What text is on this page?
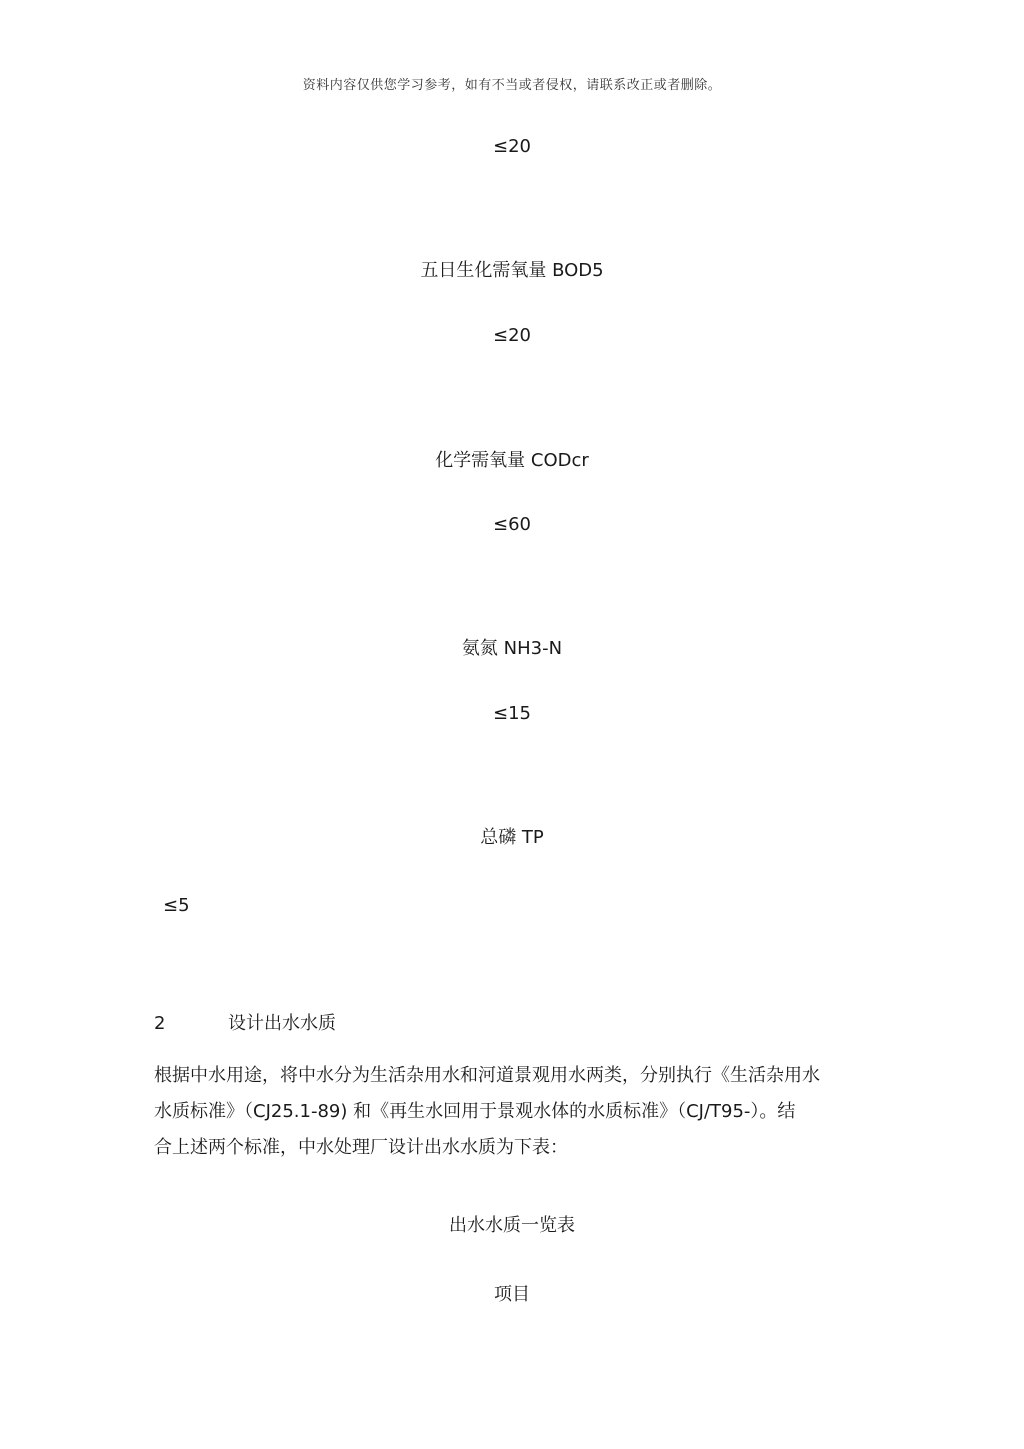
资料内容仅供您学习参考，如有不当或者侵权，请联系改正或者删除。
≤20
五日生化需氧量 BOD5
≤20
化学需氧量 CODcr
≤60
氨氮 NH3-N
≤15
总磷 TP
≤5
2	设计出水水质

根据中水用途，将中水分为生活杂用水和河道景观用水两类，分别执行《生活杂用水

水质标准》（CJ25.1-89) 和《再生水回用于景观水体的水质标准》（CJ/T95-）。结

合上述两个标准，中水处理厂设计出水水质为下表：

出水水质一览表
项目
